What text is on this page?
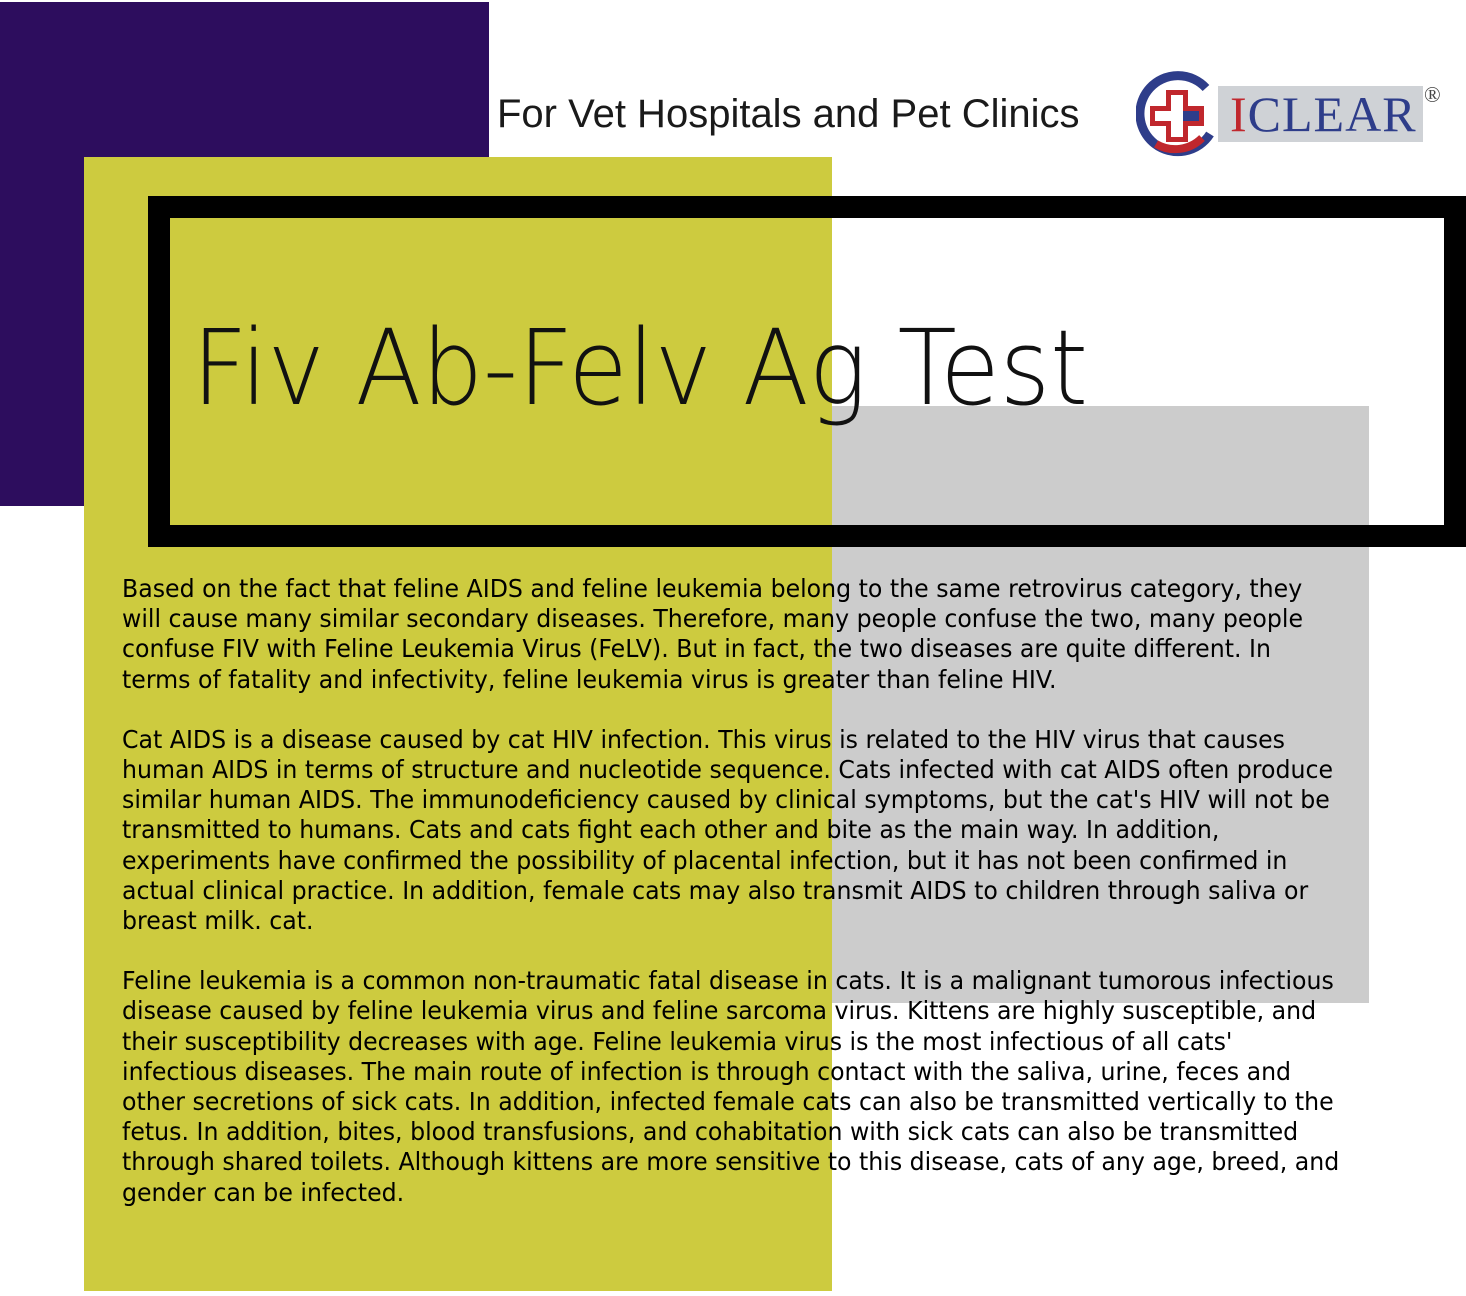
For Vet Hospitals and Pet Clinics	ICLEAR ®
Fiv Ab-Felv Ag Test

Based on the fact that feline AIDS and feline leukemia belong to the same retrovirus category, they will cause many similar secondary diseases. Therefore, many people confuse the two, many people confuse FIV with Feline Leukemia Virus (FeLV). But in fact, the two diseases are quite different. In terms of fatality and infectivity, feline leukemia virus is greater than feline HIV.

Cat AIDS is a disease caused by cat HIV infection. This virus is related to the HIV virus that causes human AIDS in terms of structure and nucleotide sequence. Cats infected with cat AIDS often produce similar human AIDS. The immunodeficiency caused by clinical symptoms, but the cat's HIV will not be transmitted to humans. Cats and cats fight each other and bite as the main way. In addition, experiments have confirmed the possibility of placental infection, but it has not been confirmed in actual clinical practice. In addition, female cats may also transmit AIDS to children through saliva or breast milk. cat.

Feline leukemia is a common non-traumatic fatal disease in cats. It is a malignant tumorous infectious disease caused by feline leukemia virus and feline sarcoma virus. Kittens are highly susceptible, and their susceptibility decreases with age. Feline leukemia virus is the most infectious of all cats' infectious diseases. The main route of infection is through contact with the saliva, urine, feces and other secretions of sick cats. In addition, infected female cats can also be transmitted vertically to the fetus. In addition, bites, blood transfusions, and cohabitation with sick cats can also be transmitted through shared toilets. Although kittens are more sensitive to this disease, cats of any age, breed, and gender can be infected.
